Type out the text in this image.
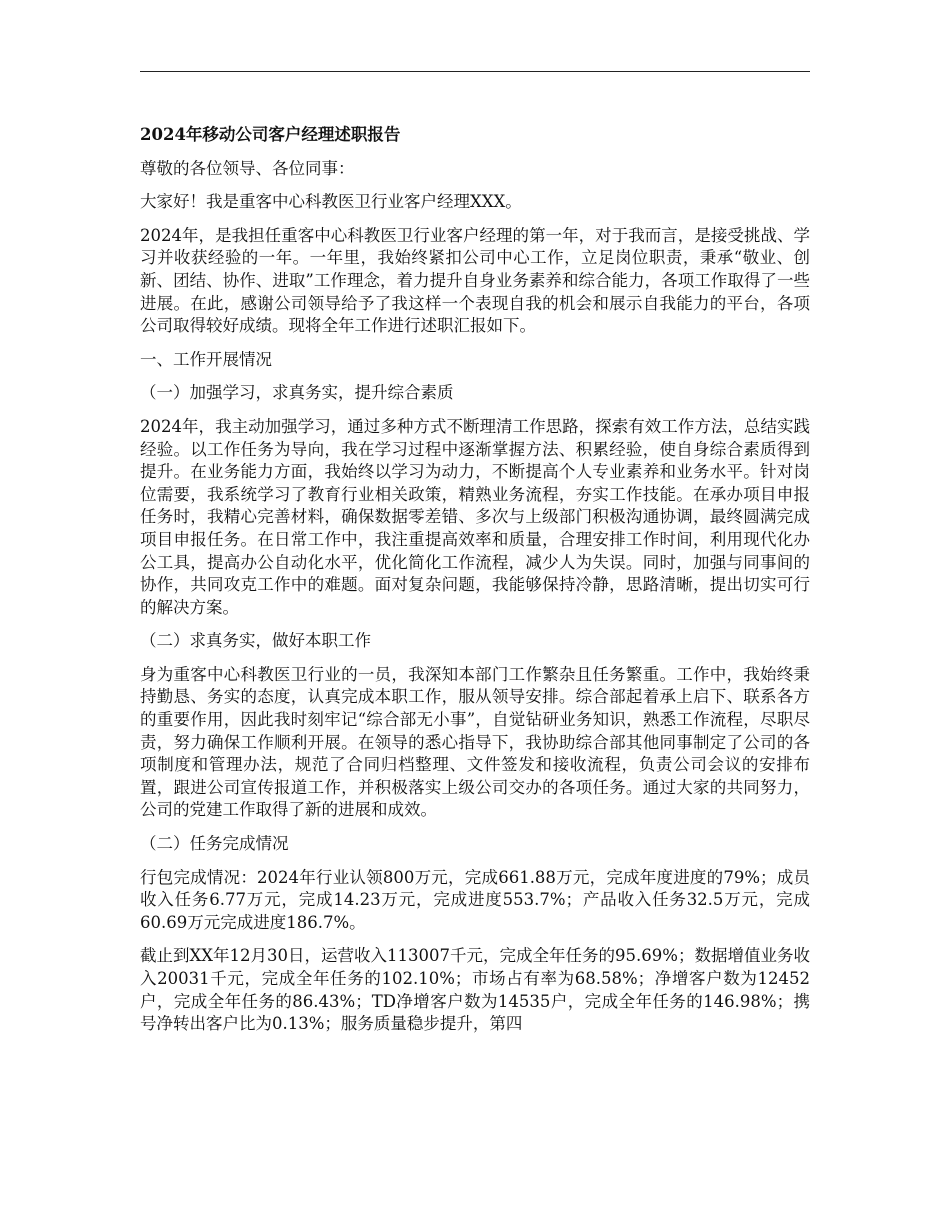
2024年移动公司客户经理述职报告

尊敬的各位领导、各位同事：

大家好！我是重客中心科教医卫行业客户经理XXX。

2024年，是我担任重客中心科教医卫行业客户经理的第一年，对于我而言，是接受挑战、学习并收获经验的一年。一年里，我始终紧扣公司中心工作，立足岗位职责，秉承“敬业、创新、团结、协作、进取”工作理念，着力提升自身业务素养和综合能力，各项工作取得了一些进展。在此，感谢公司领导给予了我这样一个表现自我的机会和展示自我能力的平台，各项公司取得较好成绩。现将全年工作进行述职汇报如下。

一、工作开展情况

（一）加强学习，求真务实，提升综合素质

2024年，我主动加强学习，通过多种方式不断理清工作思路，探索有效工作方法，总结实践经验。以工作任务为导向，我在学习过程中逐渐掌握方法、积累经验，使自身综合素质得到提升。在业务能力方面，我始终以学习为动力，不断提高个人专业素养和业务水平。针对岗位需要，我系统学习了教育行业相关政策，精熟业务流程，夯实工作技能。在承办项目申报任务时，我精心完善材料，确保数据零差错、多次与上级部门积极沟通协调，最终圆满完成项目申报任务。在日常工作中，我注重提高效率和质量，合理安排工作时间，利用现代化办公工具，提高办公自动化水平，优化简化工作流程，减少人为失误。同时，加强与同事间的协作，共同攻克工作中的难题。面对复杂问题，我能够保持冷静，思路清晰，提出切实可行的解决方案。

（二）求真务实，做好本职工作

身为重客中心科教医卫行业的一员，我深知本部门工作繁杂且任务繁重。工作中，我始终秉持勤恳、务实的态度，认真完成本职工作，服从领导安排。综合部起着承上启下、联系各方的重要作用，因此我时刻牢记“综合部无小事”，自觉钻研业务知识，熟悉工作流程，尽职尽责，努力确保工作顺利开展。在领导的悉心指导下，我协助综合部其他同事制定了公司的各项制度和管理办法，规范了合同归档整理、文件签发和接收流程，负责公司会议的安排布置，跟进公司宣传报道工作，并积极落实上级公司交办的各项任务。通过大家的共同努力，公司的党建工作取得了新的进展和成效。

（二）任务完成情况

行包完成情况：2024年行业认领800万元，完成661.88万元，完成年度进度的79%；成员收入任务6.77万元，完成14.23万元，完成进度553.7%；产品收入任务32.5万元，完成60.69万元完成进度186.7%。

截止到XX年12月30日，运营收入113007千元，完成全年任务的95.69%；数据增值业务收入20031千元，完成全年任务的102.10%；市场占有率为68.58%；净增客户数为12452户，完成全年任务的86.43%；TD净增客户数为14535户，完成全年任务的146.98%；携号净转出客户比为0.13%；服务质量稳步提升，第四
